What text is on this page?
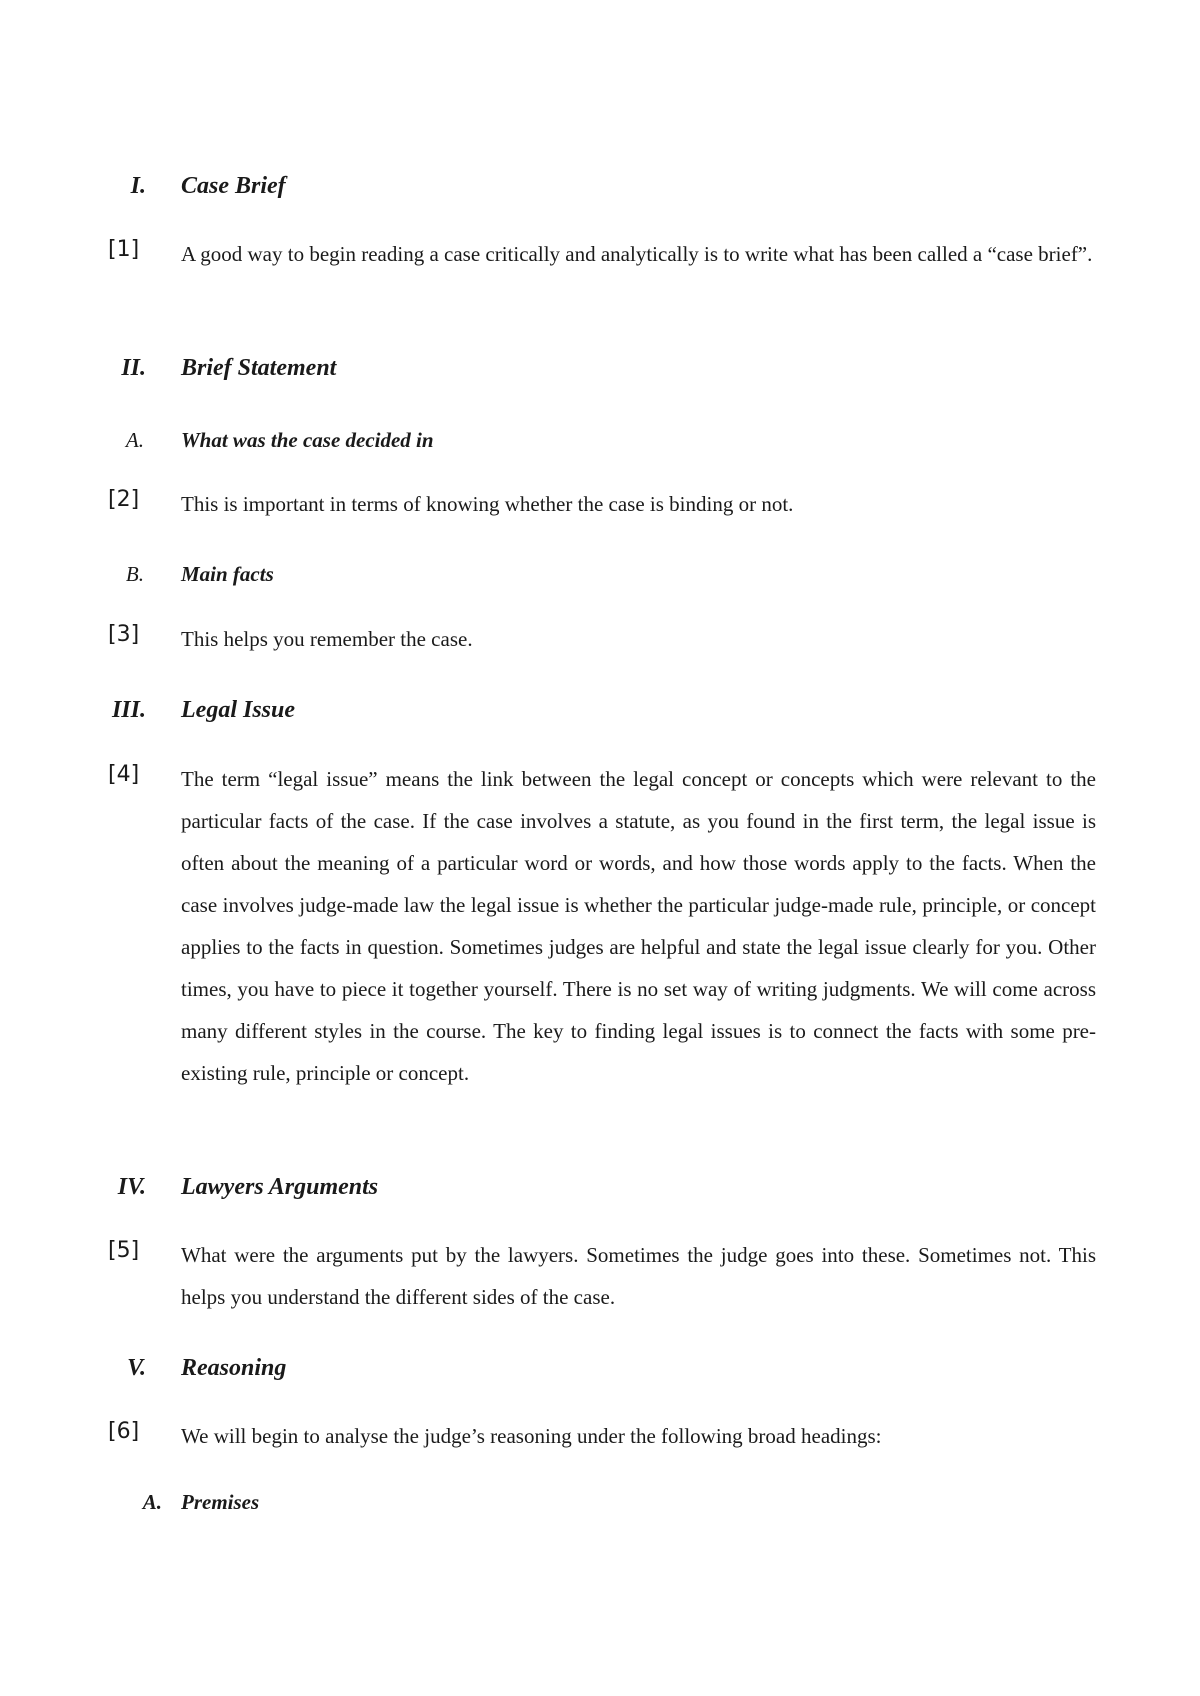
I. Case Brief
[1] A good way to begin reading a case critically and analytically is to write what has been called a “case brief”.

II. Brief Statement
A. What was the case decided in
[2] This is important in terms of knowing whether the case is binding or not.

B. Main facts
[3] This helps you remember the case.

III. Legal Issue
[4] The term “legal issue” means the link between the legal concept or concepts which were relevant to the particular facts of the case. If the case involves a statute, as you found in the first term, the legal issue is often about the meaning of a particular word or words, and how those words apply to the facts. When the case involves judge-made law the legal issue is whether the particular judge-made rule, principle, or concept applies to the facts in question. Sometimes judges are helpful and state the legal issue clearly for you. Other times, you have to piece it together yourself. There is no set way of writing judgments. We will come across many different styles in the course. The key to finding legal issues is to connect the facts with some pre-existing rule, principle or concept.

IV. Lawyers Arguments
[5] What were the arguments put by the lawyers. Sometimes the judge goes into these. Sometimes not. This helps you understand the different sides of the case.

V. Reasoning
[6] We will begin to analyse the judge’s reasoning under the following broad headings:

A. Premises
